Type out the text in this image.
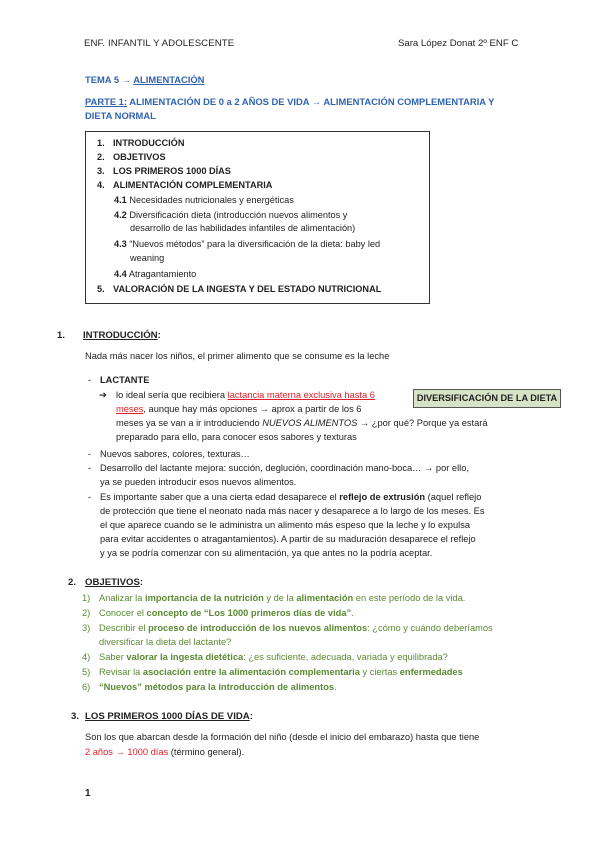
ENF. INFANTIL Y ADOLESCENTE	Sara López Donat 2º ENF C
TEMA 5 → ALIMENTACIÓN
PARTE 1: ALIMENTACIÓN DE 0 a 2 AÑOS DE VIDA → ALIMENTACIÓN COMPLEMENTARIA Y
DIETA NORMAL
1. INTRODUCCIÓN
2. OBJETIVOS
3. LOS PRIMEROS 1000 DÍAS
4. ALIMENTACIÓN COMPLEMENTARIA
4.1 Necesidades nutricionales y energéticas
4.2 Diversificación dieta (introducción nuevos alimentos y
desarrollo de las habilidades infantiles de alimentación)
4.3 “Nuevos métodos” para la diversificación de la dieta: baby led
weaning
4.4 Atragantamiento
5. VALORACIÓN DE LA INGESTA Y DEL ESTADO NUTRICIONAL
1. INTRODUCCIÓN:
Nada más nacer los niños, el primer alimento que se consume es la leche
- LACTANTE
➔ lo ideal sería que recibiera lactancia materna exclusiva hasta 6
meses, aunque hay más opciones → aprox a partir de los 6
meses ya se van a ir introduciendo NUEVOS ALIMENTOS → ¿por qué? Porque ya estará
preparado para ello, para conocer esos sabores y texturas
DIVERSIFICACIÓN DE LA DIETA
- Nuevos sabores, colores, texturas…
- Desarrollo del lactante mejora: succión, deglución, coordinación mano-boca… → por ello,
ya se pueden introducir esos nuevos alimentos.
- Es importante saber que a una cierta edad desaparece el reflejo de extrusión (aquel reflejo
de protección que tiene el neonato nada más nacer y desaparece a lo largo de los meses. Es
el que aparece cuando se le administra un alimento más espeso que la leche y lo expulsa
para evitar accidentes o atragantamientos). A partir de su maduración desaparece el reflejo
y ya se podría comenzar con su alimentación, ya que antes no la podría aceptar.
2. OBJETIVOS:
1) Analizar la importancia de la nutrición y de la alimentación en este período de la vida.
2) Conocer el concepto de “Los 1000 primeros días de vida”.
3) Describir el proceso de introducción de los nuevos alimentos: ¿cómo y cuándo deberíamos
diversificar la dieta del lactante?
4) Saber valorar la ingesta dietética: ¿es suficiente, adecuada, variada y equilibrada?
5) Revisar la asociación entre la alimentación complementaria y ciertas enfermedades
6) “Nuevos” métodos para la introducción de alimentos.
3. LOS PRIMEROS 1000 DÍAS DE VIDA:
Son los que abarcan desde la formación del niño (desde el inicio del embarazo) hasta que tiene
2 años → 1000 días (término general).
1
